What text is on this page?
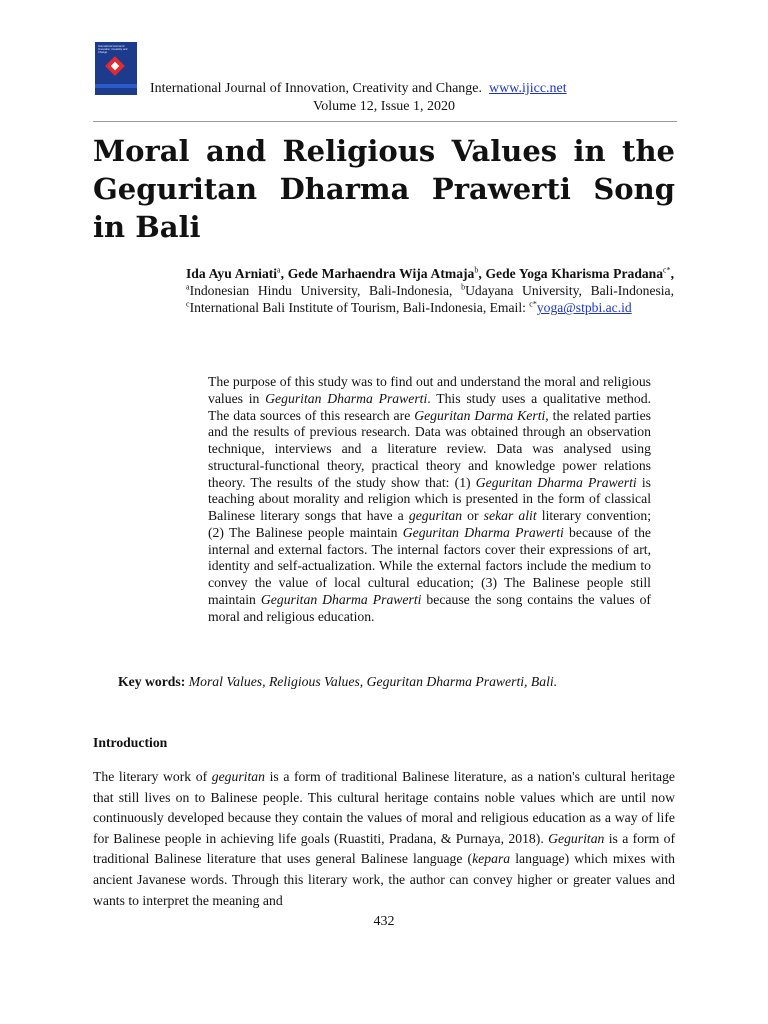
International Journal of Innovation, Creativity and Change.
International Journal of Innovation, Creativity and Change. www.ijicc.net
Volume 12, Issue 1, 2020
Moral and Religious Values in the Geguritan Dharma Prawerti Song in Bali
Ida Ayu Arniati$^a$, Gede Marhaendra Wija Atmaja$^b$, Gede Yoga Kharisma Pradana$^{c*}$, $^a$Indonesian Hindu University, Bali-Indonesia, $^b$Udayana University, Bali-Indonesia, $^c$International Bali Institute of Tourism, Bali-Indonesia, Email: $^{c*}$yoga@stpbi.ac.id
The purpose of this study was to find out and understand the moral and religious values in Geguritan Dharma Prawerti. This study uses a qualitative method. The data sources of this research are Geguritan Darma Kerti, the related parties and the results of previous research. Data was obtained through an observation technique, interviews and a literature review. Data was analysed using structural-functional theory, practical theory and knowledge power relations theory. The results of the study show that: (1) Geguritan Dharma Prawerti is teaching about morality and religion which is presented in the form of classical Balinese literary songs that have a geguritan or sekar alit literary convention; (2) The Balinese people maintain Geguritan Dharma Prawerti because of the internal and external factors. The internal factors cover their expressions of art, identity and self-actualization. While the external factors include the medium to convey the value of local cultural education; (3) The Balinese people still maintain Geguritan Dharma Prawerti because the song contains the values of moral and religious education.
Key words: Moral Values, Religious Values, Geguritan Dharma Prawerti, Bali.
Introduction
The literary work of geguritan is a form of traditional Balinese literature, as a nation's cultural heritage that still lives on to Balinese people. This cultural heritage contains noble values which are until now continuously developed because they contain the values of moral and religious education as a way of life for Balinese people in achieving life goals (Ruastiti, Pradana, & Purnaya, 2018). Geguritan is a form of traditional Balinese literature that uses general Balinese language (kepara language) which mixes with ancient Javanese words. Through this literary work, the author can convey higher or greater values and wants to interpret the meaning and
432
